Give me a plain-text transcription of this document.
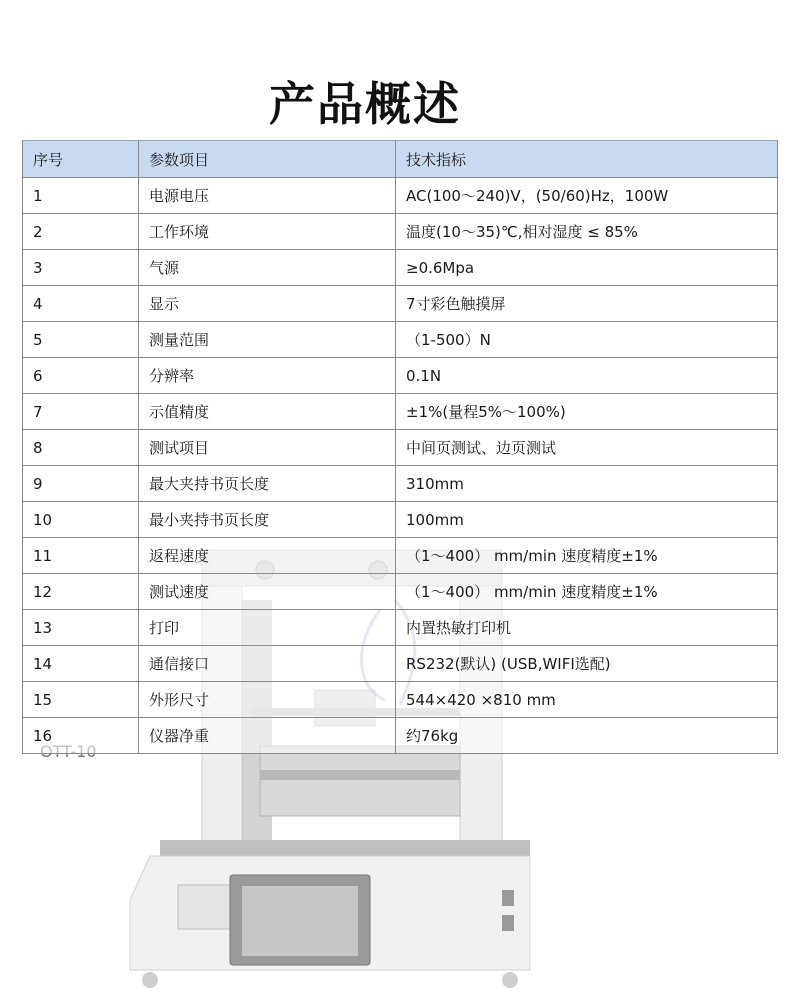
产品概述
序号	参数项目	技术指标
1	电源电压	AC(100～240)V，(50/60)Hz，100W
2	工作环境	温度(10～35)℃,相对湿度 ≤ 85%
3	气源	≥0.6Mpa
4	显示	7寸彩色触摸屏
5	测量范围	（1-500）N
6	分辨率	0.1N
7	示值精度	±1%(量程5%～100%)
8	测试项目	中间页测试、边页测试
9	最大夹持书页长度	310mm
10	最小夹持书页长度	100mm
11	返程速度	（1～400） mm/min 速度精度±1%
12	测试速度	（1～400） mm/min 速度精度±1%
13	打印	内置热敏打印机
14	通信接口	RS232(默认) (USB,WIFI选配)
15	外形尺寸	544×420 ×810 mm
16	仪器净重	约76kg
